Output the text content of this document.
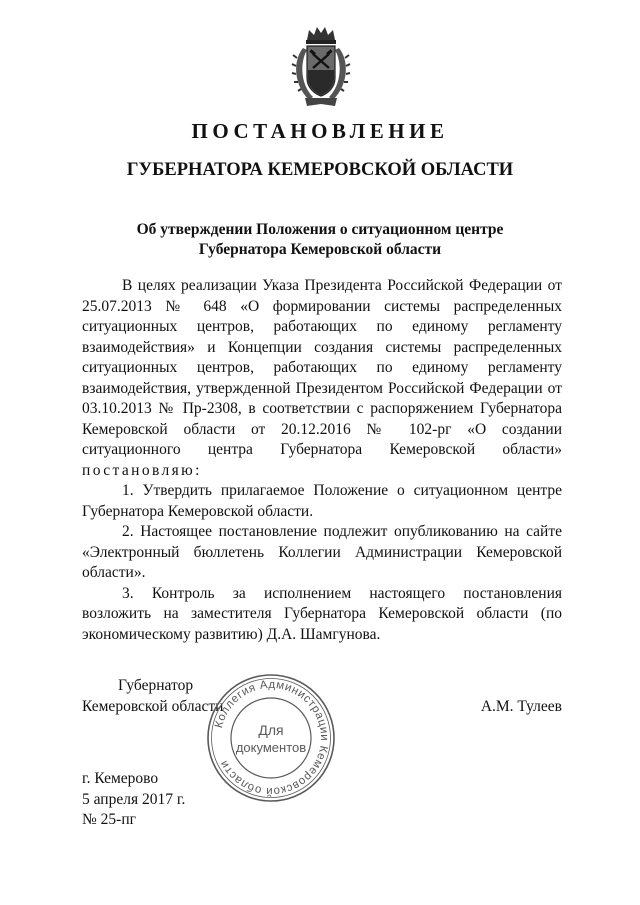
ПОСТАНОВЛЕНИЕ
ГУБЕРНАТОРА КЕМЕРОВСКОЙ ОБЛАСТИ
Об утверждении Положения о ситуационном центре
Губернатора Кемеровской области

В целях реализации Указа Президента Российской Федерации от 25.07.2013 № 648 «О формировании системы распределенных ситуационных центров, работающих по единому регламенту взаимодействия» и Концепции создания системы распределенных ситуационных центров, работающих по единому регламенту взаимодействия, утвержденной Президентом Российской Федерации от 03.10.2013 № Пр-2308, в соответствии с распоряжением Губернатора Кемеровской области от 20.12.2016 № 102-рг «О создании ситуационного центра Губернатора Кемеровской области» постановляю:

1. Утвердить прилагаемое Положение о ситуационном центре Губернатора Кемеровской области.

2. Настоящее постановление подлежит опубликованию на сайте «Электронный бюллетень Коллегии Администрации Кемеровской области».

3. Контроль за исполнением настоящего постановления возложить на заместителя Губернатора Кемеровской области (по экономическому развитию) Д.А. Шамгунова.

Губернатор
Кемеровской области	А.М. Тулеев
Коллегия Администрации Кемеровской области
Для
документов
г. Кемерово
5 апреля 2017 г.
№ 25-пг
